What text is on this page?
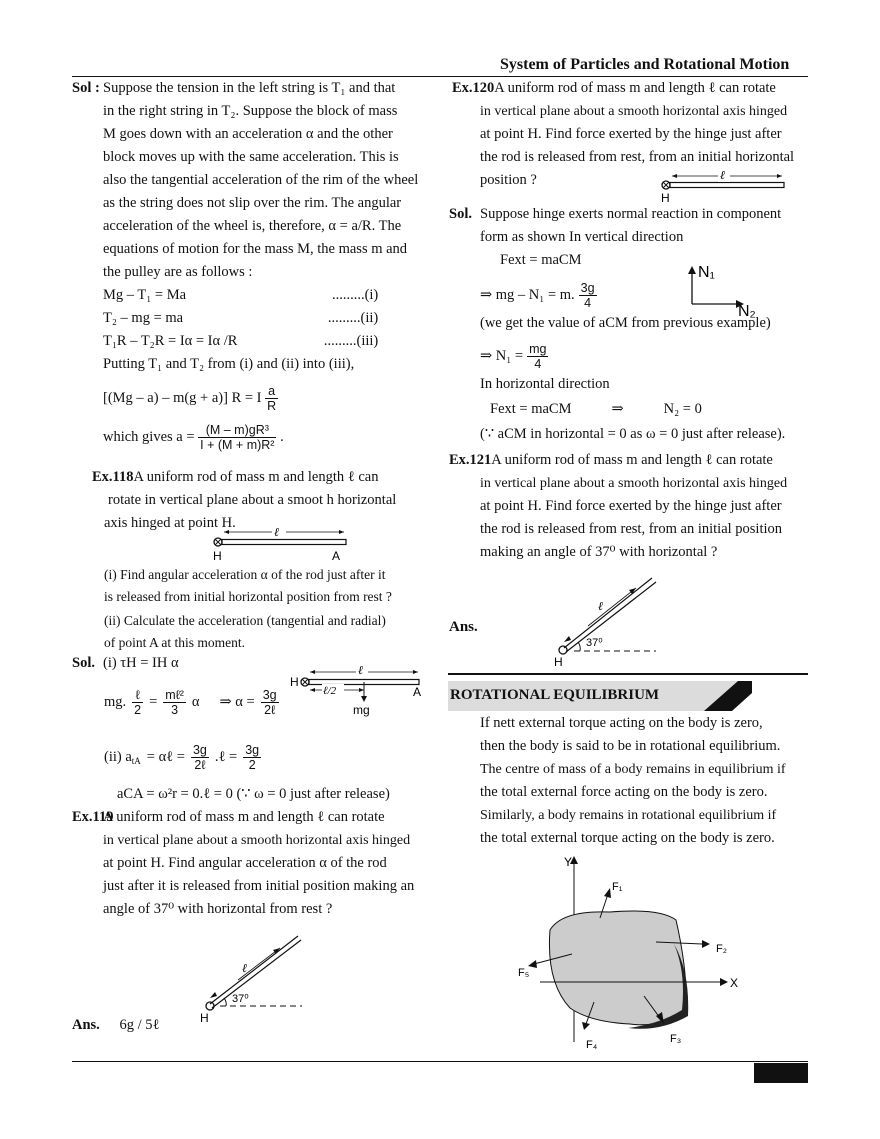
System of Particles and Rotational Motion
Sol : Suppose the tension in the left string is T₁ and that

in the right string in T₂. Suppose the block of mass

M goes down with an acceleration α and the other

block moves up with the same acceleration. This is

also the tangential acceleration of the rim of the wheel

as the string does not slip over the rim. The angular

acceleration of the wheel is, therefore, α = a/R. The

equations of motion for the mass M, the mass m and

the pulley are as follows :

Mg – T₁ = Ma	.........(i)

T₂ – mg = ma	.........(ii)

T₁R – T₂R = Iα = Iα /R	.........(iii)

Putting T₁ and T₂ from (i) and (ii) into (iii),

[(Mg – a) – m(g + a)] R = I $\frac{a}{R}$

which gives $a = \frac{\text{(M – m)gR³}}{\text{I + (M + m)R²}}$ .

Ex.118A uniform rod of mass m and length ℓ can

rotate in vertical plane about a smoot h horizontal

axis hinged at point H.

(i) Find angular acceleration α of the rod just after it

is released from initial horizontal position from rest ?

(ii) Calculate the acceleration (tangential and radial)

of point A at this moment.

ℓ
H	A

Sol. (i) τH = IH α

mg. $\frac{\text{ℓ}}{2} = \frac{\text{mℓ²}}{3}$ α ⇒ $\alpha = \frac{3g}{\text{2ℓ}}$
(ii) $a_{tA}$ = αℓ = $\frac{3g}{\text{2ℓ}}$ .ℓ = $\frac{3g}{2}$
aCA = ω²r = 0.ℓ = 0 (∵ ω = 0 just after release)
H
ℓ
ℓ/2
mg
A
Ex.119

A uniform rod of mass m and length ℓ can rotate

in vertical plane about a smooth horizontal axis hinged

at point H. Find angular acceleration α of the rod

just after it is released from initial position making an

angle of 37⁰ with horizontal from rest ?

ℓ
37⁰
H
Ans. 6g / 5ℓ

Ex.120A uniform rod of mass m and length ℓ can rotate

in vertical plane about a smooth horizontal axis hinged

at point H. Find force exerted by the hinge just after

the rod is released from rest, from an initial horizontal

position ?	ℓ
H

Sol. Suppose hinge exerts normal reaction in component

form as shown In vertical direction

Fext = maCM
⇒ mg – N₁ = m. $\frac{3g}{4}$
(we get the value of aCM from previous example)
⇒ $N_1 = \frac{mg}{4}$
In horizontal direction
Fext = maCM	⇒	N₂ = 0
(∵ aCM in horizontal = 0 as ω = 0 just after release).
N₁
N₂

Ex.121A uniform rod of mass m and length ℓ can rotate

in vertical plane about a smooth horizontal axis hinged

at point H. Find force exerted by the hinge just after

the rod is released from rest, from an initial position

making an angle of 37⁰ with horizontal ?

Ans.
ℓ
37⁰
H
ROTATIONAL EQUILIBRIUM

If nett external torque acting on the body is zero,

then the body is said to be in rotational equilibrium.

The centre of mass of a body remains in equilibrium if

the total external force acting on the body is zero.

Similarly, a body remains in rotational equilibrium if

the total external torque acting on the body is zero.

Y
X
F₁
F₂
F₃
F₄
F₅
